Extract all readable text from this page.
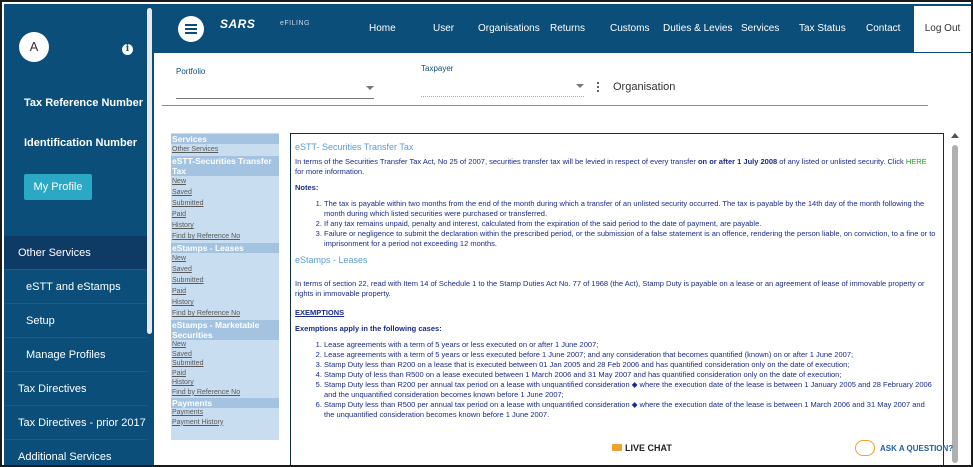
A	i
Tax Reference Number
Identification Number
My Profile
Other Services
eSTT and eStamps
Setup
Manage Profiles
Tax Directives
Tax Directives - prior 2017
Additional Services
SARS	eFILING	Home	User Organisations Returns Customs Duties & Levies Services Tax Status Contact	Log Out
Portfolio	Taxpayer
Organisation
Services
Other Services
eSTT-Securities Transfer Tax
New
Saved
Submitted
Paid
History
Find by Reference No
eStamps - Leases
New
Saved
Submitted
Paid
History
Find by Reference No
eStamps - Marketable Securities
New
Saved
Submitted
Paid
History
Find by Reference No
Payments
Payments
Payment History
eSTT- Securities Transfer Tax

In terms of the Securities Transfer Tax Act, No 25 of 2007, securities transfer tax will be levied in respect of every transfer on or after 1 July 2008 of any listed or unlisted security. Click HERE for more information.

Notes:

1. The tax is payable within two months from the end of the month during which a transfer of an unlisted security occurred. The tax is payable by the 14th day of the month following the month during which listed securities were purchased or transferred.
2. If any tax remains unpaid, penalty and interest, calculated from the expiration of the said period to the date of payment, are payable.
3. Failure or negligence to submit the declaration within the prescribed period, or the submission of a false statement is an offence, rendering the person liable, on conviction, to a fine or to imprisonment for a period not exceeding 12 months.
eStamps - Leases

In terms of section 22, read with Item 14 of Schedule 1 to the Stamp Duties Act No. 77 of 1968 (the Act), Stamp Duty is payable on a lease or an agreement of lease of immovable property or rights in immovable property.

EXEMPTIONS

Exemptions apply in the following cases:

1. Lease agreements with a term of 5 years or less executed on or after 1 June 2007;
2. Lease agreements with a term of 5 years or less executed before 1 June 2007; and any consideration that becomes quantified (known) on or after 1 June 2007;
3. Stamp Duty less than R200 on a lease that is executed between 01 Jan 2005 and 28 Feb 2006 and has quantified consideration only on the date of execution;
4. Stamp Duty of less than R500 on a lease executed between 1 March 2006 and 31 May 2007 and has quantified consideration only on the date of execution;
5. Stamp Duty less than R200 per annual tax period on a lease with unquantified consideration ◆ where the execution date of the lease is between 1 January 2005 and 28 February 2006 and the unquantified consideration becomes known before 1 June 2007;
6. Stamp Duty less than R500 per annual tax period on a lease with unquantified consideration ◆ where the execution date of the lease is between 1 March 2006 and 31 May 2007 and the unquantified consideration becomes known before 1 June 2007.
LIVE CHAT	ASK A QUESTION?
